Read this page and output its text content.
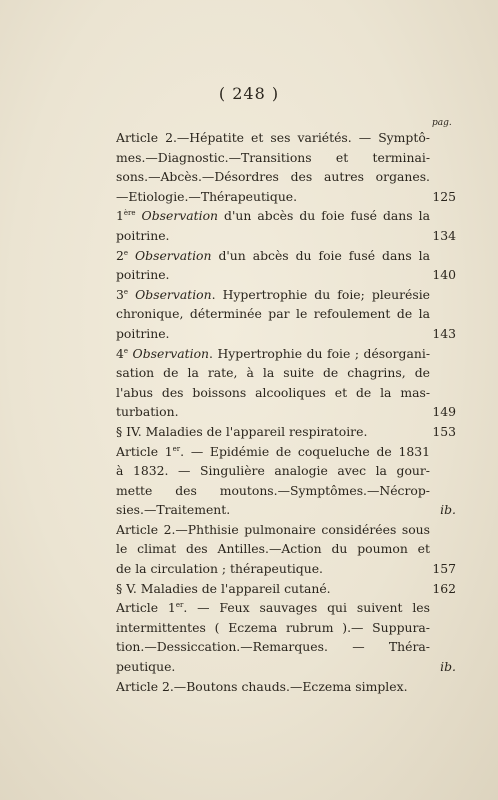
( 248 )
pag.
Article 2.—Hépatite et ses variétés. — Symptô-
mes.—Diagnostic.—Transitions et terminai-
sons.—Abcès.—Désordres des autres organes.
—Etiologie.—Thérapeutique.	125
1ère Observation d'un abcès du foie fusé dans la
poitrine.	134
2e Observation d'un abcès du foie fusé dans la
poitrine.	140
3e Observation. Hypertrophie du foie; pleurésie
chronique, déterminée par le refoulement de la
poitrine.	143
4e Observation. Hypertrophie du foie ; désorgani-
sation de la rate, à la suite de chagrins, de
l'abus des boissons alcooliques et de la mas-
turbation.	149
§ IV. Maladies de l'appareil respiratoire.	153
Article 1er. — Epidémie de coqueluche de 1831
à 1832. — Singulière analogie avec la gour-
mette des moutons.—Symptômes.—Nécrop-
sies.—Traitement.	ib.
Article 2.—Phthisie pulmonaire considérées sous
le climat des Antilles.—Action du poumon et
de la circulation ; thérapeutique.	157
§ V. Maladies de l'appareil cutané.	162
Article 1er. — Feux sauvages qui suivent les
intermittentes ( Eczema rubrum ).— Suppura-
tion.—Dessiccation.—Remarques. — Théra-
peutique.	ib.
Article 2.—Boutons chauds.—Eczema simplex.
